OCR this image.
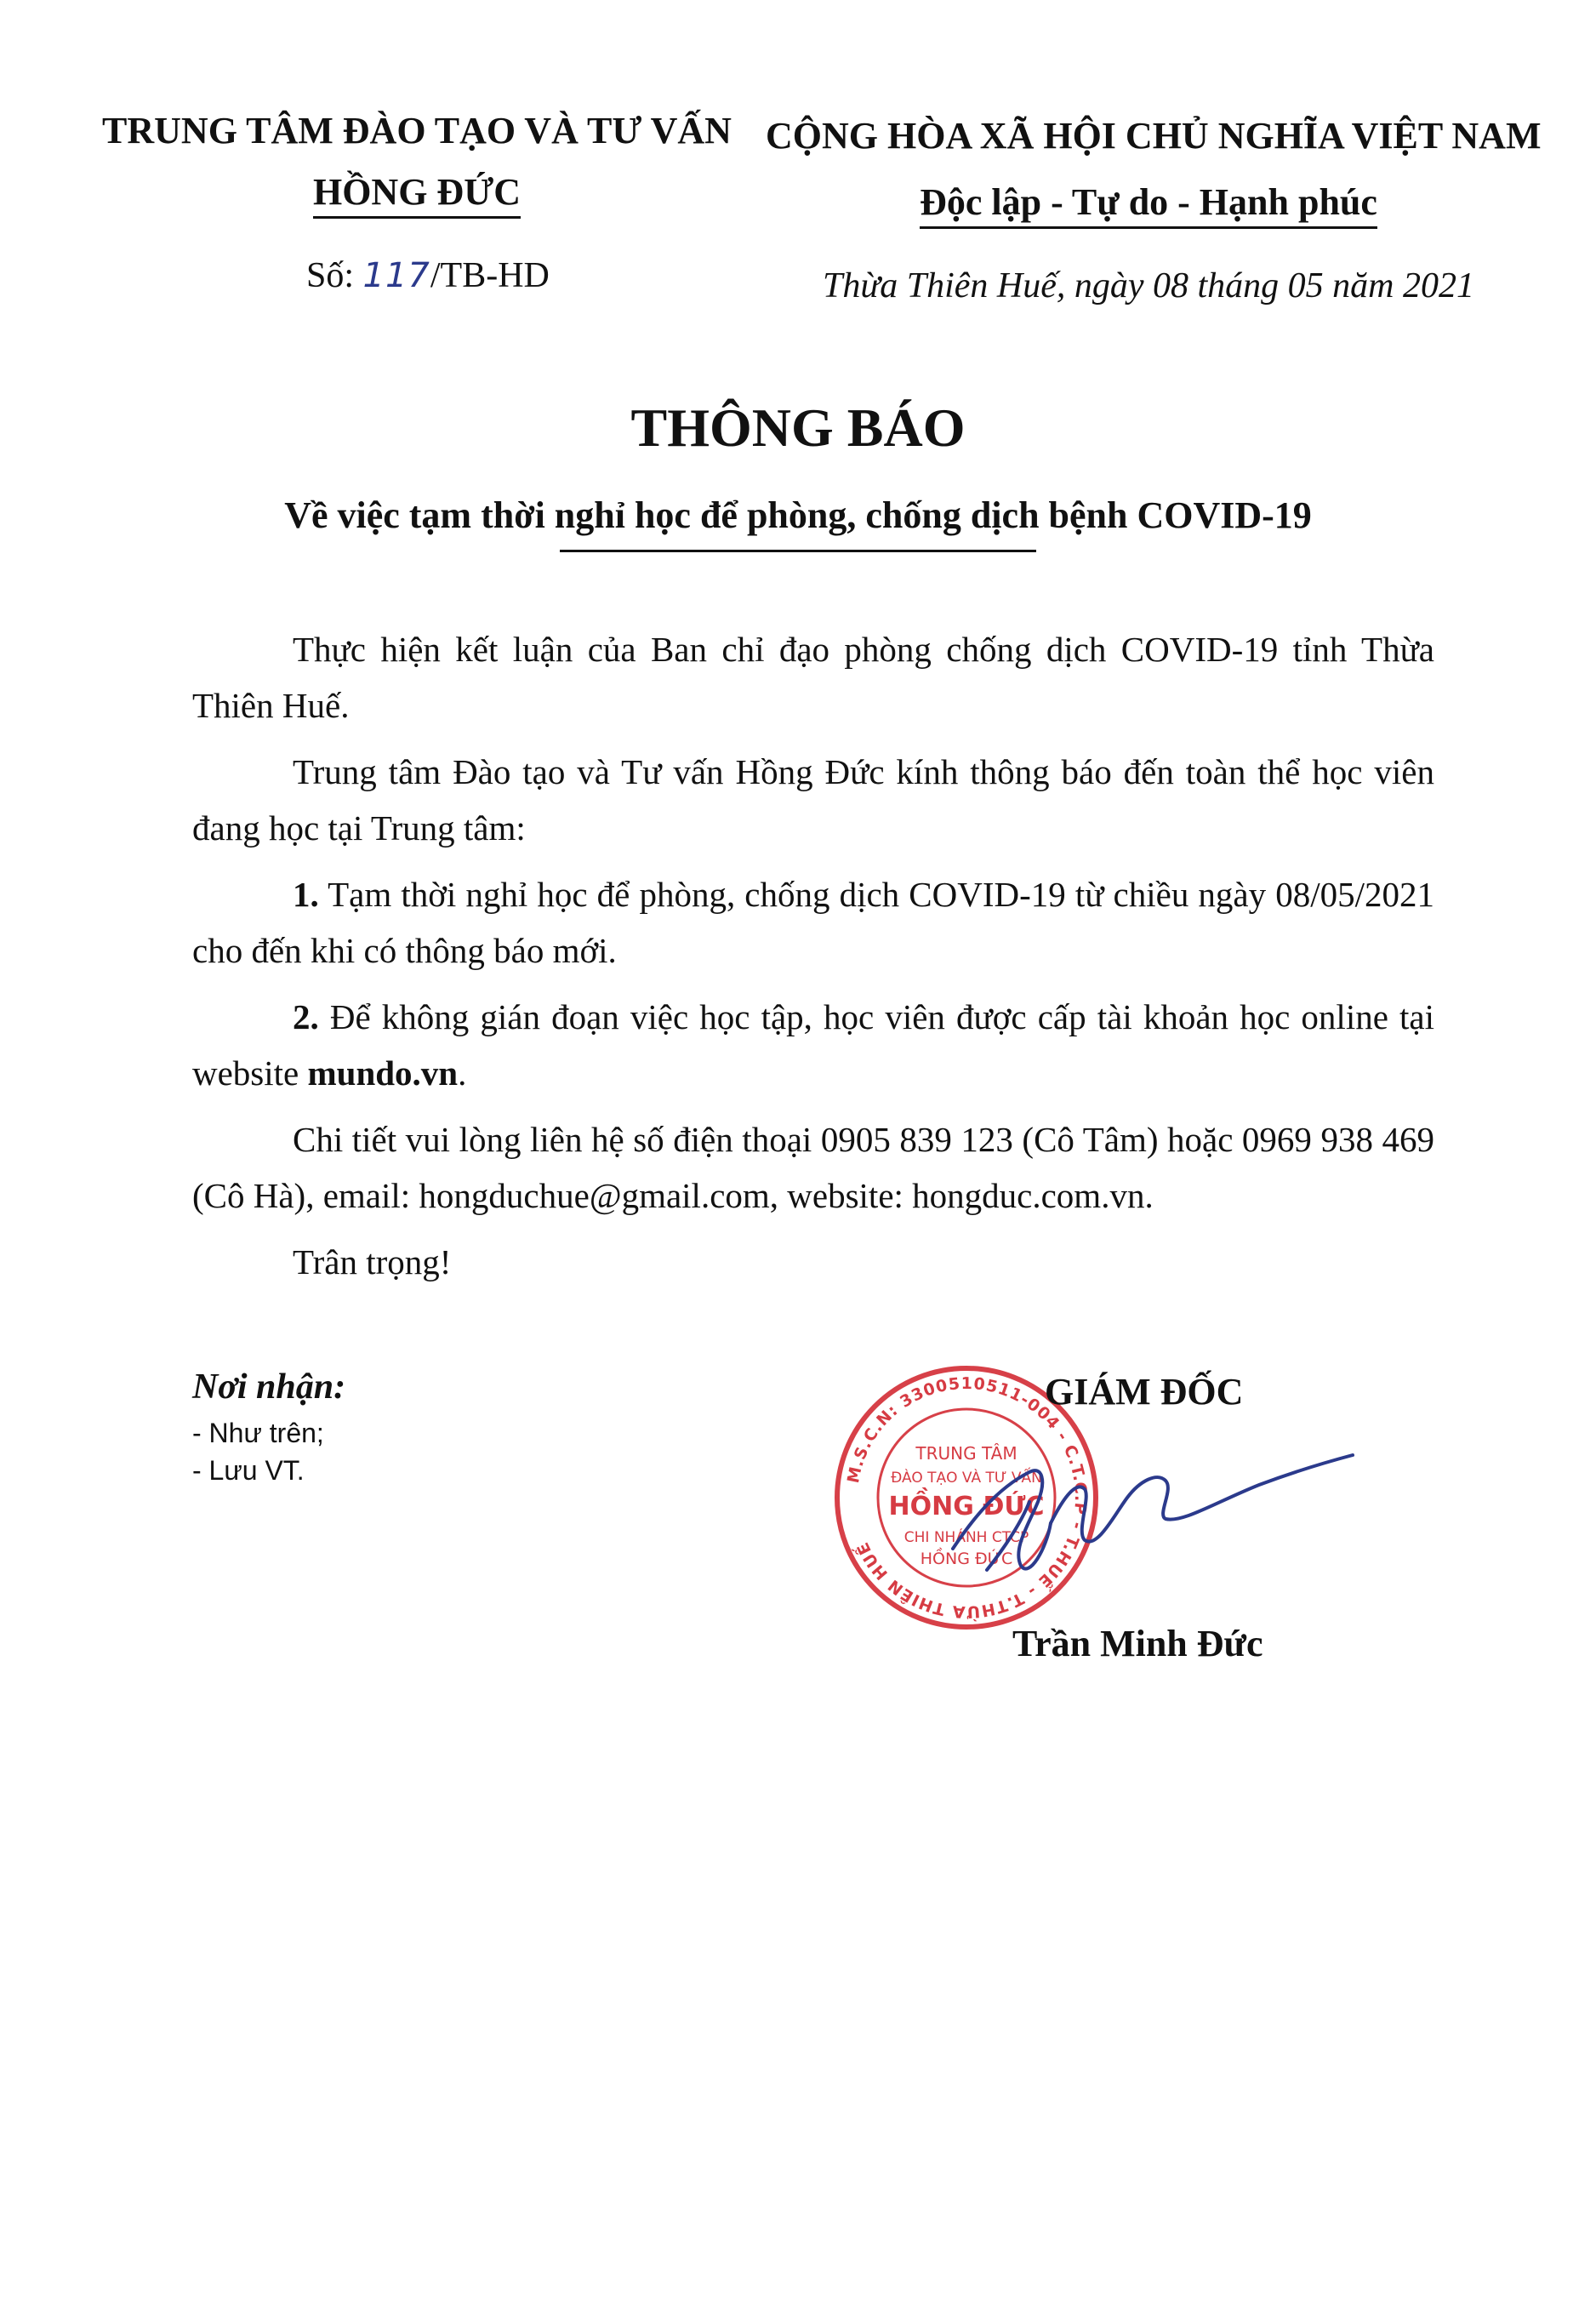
TRUNG TÂM ĐÀO TẠO VÀ TƯ VẤN
HỒNG ĐỨC
Số: 117/TB-HD
CỘNG HÒA XÃ HỘI CHỦ NGHĨA VIỆT NAM
Độc lập - Tự do - Hạnh phúc
Thừa Thiên Huế, ngày 08 tháng 05 năm 2021
THÔNG BÁO
Về việc tạm thời nghỉ học để phòng, chống dịch bệnh COVID-19

Thực hiện kết luận của Ban chỉ đạo phòng chống dịch COVID-19 tỉnh Thừa Thiên Huế.

Trung tâm Đào tạo và Tư vấn Hồng Đức kính thông báo đến toàn thể học viên đang học tại Trung tâm:

1. Tạm thời nghỉ học để phòng, chống dịch COVID-19 từ chiều ngày 08/05/2021 cho đến khi có thông báo mới.

2. Để không gián đoạn việc học tập, học viên được cấp tài khoản học online tại website mundo.vn.

Chi tiết vui lòng liên hệ số điện thoại 0905 839 123 (Cô Tâm) hoặc 0969 938 469 (Cô Hà), email: hongduchue@gmail.com, website: hongduc.com.vn.

Trân trọng!

Nơi nhận:
- Như trên;
- Lưu VT.	M.S.C.N: 3300510511-004 - C.T.C.P - T.HUẾ - T.THỪA THIÊN HUẾ
TRUNG TÂM
ĐÀO TẠO VÀ TƯ VẤN
HỒNG ĐỨC
CHI NHÁNH CTCP
HỒNG ĐỨC
GIÁM ĐỐC
Trần Minh Đức
